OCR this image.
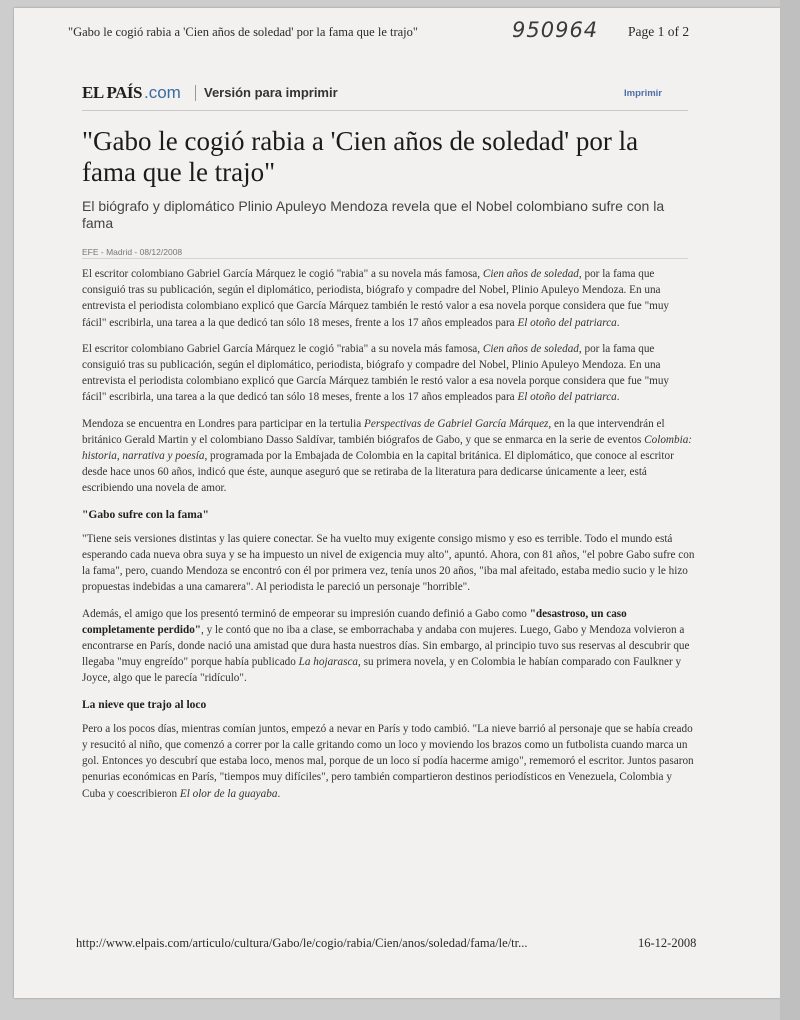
"Gabo le cogió rabia a 'Cien años de soledad' por la fama que le trajo"	950964 Page 1 of 2
EL PAÍS .com Versión para imprimir	Imprimir
"Gabo le cogió rabia a 'Cien años de soledad' por la fama que le trajo"
El biógrafo y diplomático Plinio Apuleyo Mendoza revela que el Nobel colombiano sufre con la fama
EFE - Madrid - 08/12/2008

El escritor colombiano Gabriel García Márquez le cogió "rabia" a su novela más famosa, Cien años de soledad, por la fama que consiguió tras su publicación, según el diplomático, periodista, biógrafo y compadre del Nobel, Plinio Apuleyo Mendoza. En una entrevista el periodista colombiano explicó que García Márquez también le restó valor a esa novela porque considera que fue "muy fácil" escribirla, una tarea a la que dedicó tan sólo 18 meses, frente a los 17 años empleados para El otoño del patriarca.

El escritor colombiano Gabriel García Márquez le cogió "rabia" a su novela más famosa, Cien años de soledad, por la fama que consiguió tras su publicación, según el diplomático, periodista, biógrafo y compadre del Nobel, Plinio Apuleyo Mendoza. En una entrevista el periodista colombiano explicó que García Márquez también le restó valor a esa novela porque considera que fue "muy fácil" escribirla, una tarea a la que dedicó tan sólo 18 meses, frente a los 17 años empleados para El otoño del patriarca.

Mendoza se encuentra en Londres para participar en la tertulia Perspectivas de Gabriel García Márquez, en la que intervendrán el británico Gerald Martin y el colombiano Dasso Saldívar, también biógrafos de Gabo, y que se enmarca en la serie de eventos Colombia: historia, narrativa y poesía, programada por la Embajada de Colombia en la capital británica. El diplomático, que conoce al escritor desde hace unos 60 años, indicó que éste, aunque aseguró que se retiraba de la literatura para dedicarse únicamente a leer, está escribiendo una novela de amor.

"Gabo sufre con la fama"

"Tiene seis versiones distintas y las quiere conectar. Se ha vuelto muy exigente consigo mismo y eso es terrible. Todo el mundo está esperando cada nueva obra suya y se ha impuesto un nivel de exigencia muy alto", apuntó. Ahora, con 81 años, "el pobre Gabo sufre con la fama", pero, cuando Mendoza se encontró con él por primera vez, tenía unos 20 años, "iba mal afeitado, estaba medio sucio y le hizo propuestas indebidas a una camarera". Al periodista le pareció un personaje "horrible".

Además, el amigo que los presentó terminó de empeorar su impresión cuando definió a Gabo como "desastroso, un caso completamente perdido", y le contó que no iba a clase, se emborrachaba y andaba con mujeres. Luego, Gabo y Mendoza volvieron a encontrarse en París, donde nació una amistad que dura hasta nuestros días. Sin embargo, al principio tuvo sus reservas al descubrir que llegaba "muy engreído" porque había publicado La hojarasca, su primera novela, y en Colombia le habían comparado con Faulkner y Joyce, algo que le parecía "ridículo".

La nieve que trajo al loco

Pero a los pocos días, mientras comían juntos, empezó a nevar en París y todo cambió. "La nieve barrió al personaje que se había creado y resucitó al niño, que comenzó a correr por la calle gritando como un loco y moviendo los brazos como un futbolista cuando marca un gol. Entonces yo descubrí que estaba loco, menos mal, porque de un loco sí podía hacerme amigo", rememoró el escritor. Juntos pasaron penurias económicas en París, "tiempos muy difíciles", pero también compartieron destinos periodísticos en Venezuela, Colombia y Cuba y coescribieron El olor de la guayaba.

http://www.elpais.com/articulo/cultura/Gabo/le/cogio/rabia/Cien/anos/soledad/fama/le/tr...	16-12-2008
